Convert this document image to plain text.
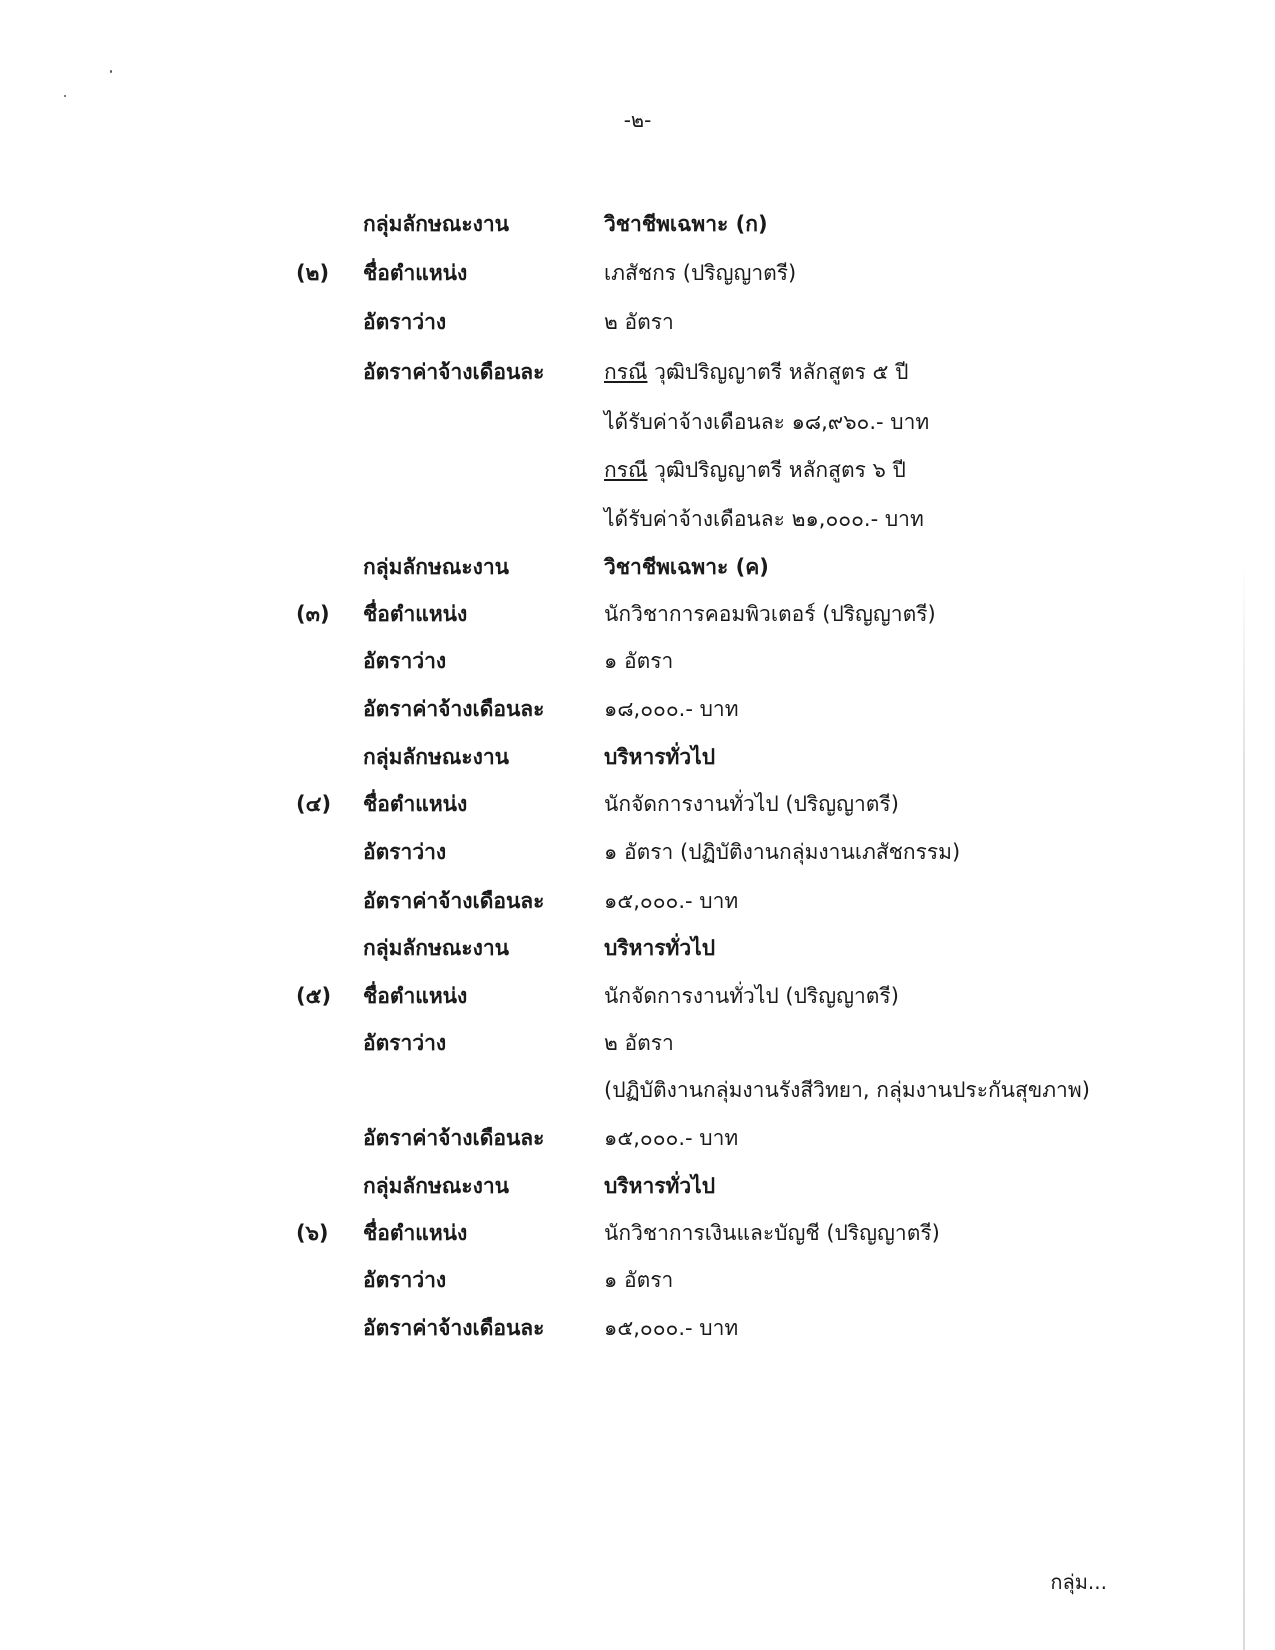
-๒-
กลุ่มลักษณะงาน	วิชาชีพเฉพาะ (ก)
(๒) ชื่อตำแหน่ง	เภสัชกร (ปริญญาตรี)
อัตราว่าง	๒ อัตรา
อัตราค่าจ้างเดือนละ	กรณี วุฒิปริญญาตรี หลักสูตร ๕ ปี
ได้รับค่าจ้างเดือนละ ๑๘,๙๖๐.- บาท
กรณี วุฒิปริญญาตรี หลักสูตร ๖ ปี
ได้รับค่าจ้างเดือนละ ๒๑,๐๐๐.- บาท
กลุ่มลักษณะงาน	วิชาชีพเฉพาะ (ค)
(๓) ชื่อตำแหน่ง	นักวิชาการคอมพิวเตอร์ (ปริญญาตรี)
อัตราว่าง	๑ อัตรา
อัตราค่าจ้างเดือนละ	๑๘,๐๐๐.- บาท
กลุ่มลักษณะงาน	บริหารทั่วไป
(๔) ชื่อตำแหน่ง	นักจัดการงานทั่วไป (ปริญญาตรี)
อัตราว่าง	๑ อัตรา (ปฏิบัติงานกลุ่มงานเภสัชกรรม)
อัตราค่าจ้างเดือนละ	๑๕,๐๐๐.- บาท
กลุ่มลักษณะงาน	บริหารทั่วไป
(๕) ชื่อตำแหน่ง	นักจัดการงานทั่วไป (ปริญญาตรี)
อัตราว่าง	๒ อัตรา
(ปฏิบัติงานกลุ่มงานรังสีวิทยา, กลุ่มงานประกันสุขภาพ)
อัตราค่าจ้างเดือนละ	๑๕,๐๐๐.- บาท
กลุ่มลักษณะงาน	บริหารทั่วไป
(๖) ชื่อตำแหน่ง	นักวิชาการเงินและบัญชี (ปริญญาตรี)
อัตราว่าง	๑ อัตรา
อัตราค่าจ้างเดือนละ	๑๕,๐๐๐.- บาท
กลุ่ม...
